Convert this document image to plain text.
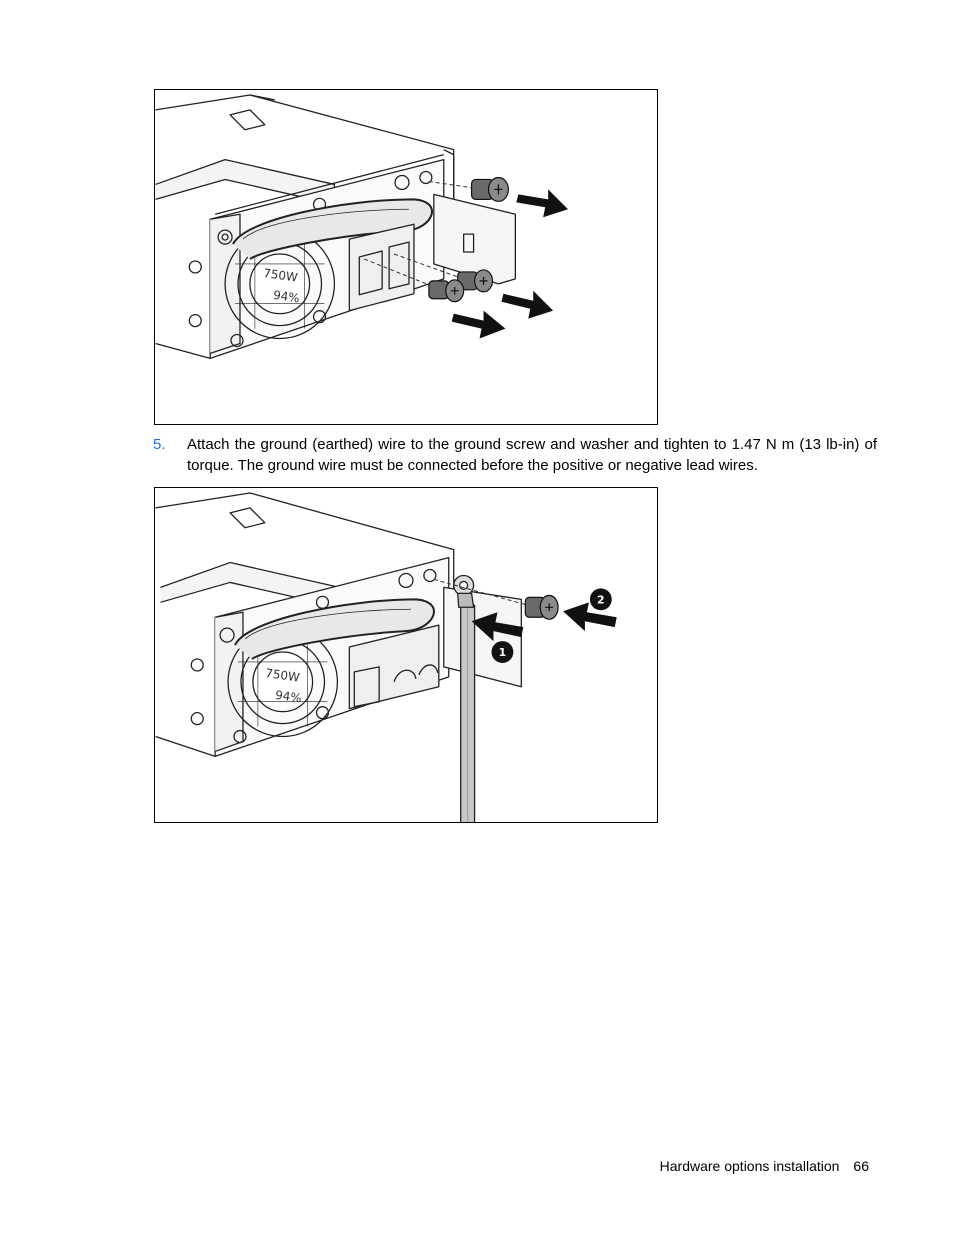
750W
94%
5. Attach the ground (earthed) wire to the ground screw and washer and tighten to 1.47 N m (13 lb-in) of torque. The ground wire must be connected before the positive or negative lead wires.
1
2
750W
94%
Hardware options installation 66
